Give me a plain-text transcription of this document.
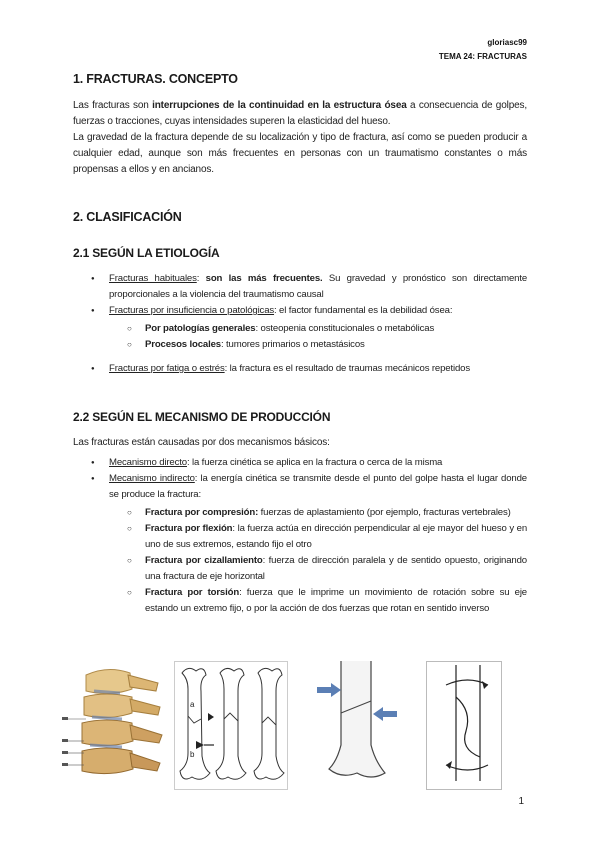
gloriasc99
TEMA 24: FRACTURAS
1. FRACTURAS. CONCEPTO
Las fracturas son interrupciones de la continuidad en la estructura ósea a consecuencia de golpes, fuerzas o tracciones, cuyas intensidades superen la elasticidad del hueso.
La gravedad de la fractura depende de su localización y tipo de fractura, así como se pueden producir a cualquier edad, aunque son más frecuentes en personas con un traumatismo constantes o más propensas a ellos y en ancianos.
2. CLASIFICACIÓN
2.1 SEGÚN LA ETIOLOGÍA
● Fracturas habituales: son las más frecuentes. Su gravedad y pronóstico son directamente proporcionales a la violencia del traumatismo causal
● Fracturas por insuficiencia o patológicas: el factor fundamental es la debilidad ósea:
○ Por patologías generales: osteopenia constitucionales o metabólicas
○ Procesos locales: tumores primarios o metastásicos
● Fracturas por fatiga o estrés: la fractura es el resultado de traumas mecánicos repetidos
2.2 SEGÚN EL MECANISMO DE PRODUCCIÓN
Las fracturas están causadas por dos mecanismos básicos:
● Mecanismo directo: la fuerza cinética se aplica en la fractura o cerca de la misma
● Mecanismo indirecto: la energía cinética se transmite desde el punto del golpe hasta el lugar donde se produce la fractura:
○ Fractura por compresión: fuerzas de aplastamiento (por ejemplo, fracturas vertebrales)
○ Fractura por flexión: la fuerza actúa en dirección perpendicular al eje mayor del hueso y en uno de sus extremos, estando fijo el otro
○ Fractura por cizallamiento: fuerza de dirección paralela y de sentido opuesto, originando una fractura de eje horizontal
○ Fractura por torsión: fuerza que le imprime un movimiento de rotación sobre su eje estando un extremo fijo, o por la acción de dos fuerzas que rotan en sentido inverso
a
b
1
